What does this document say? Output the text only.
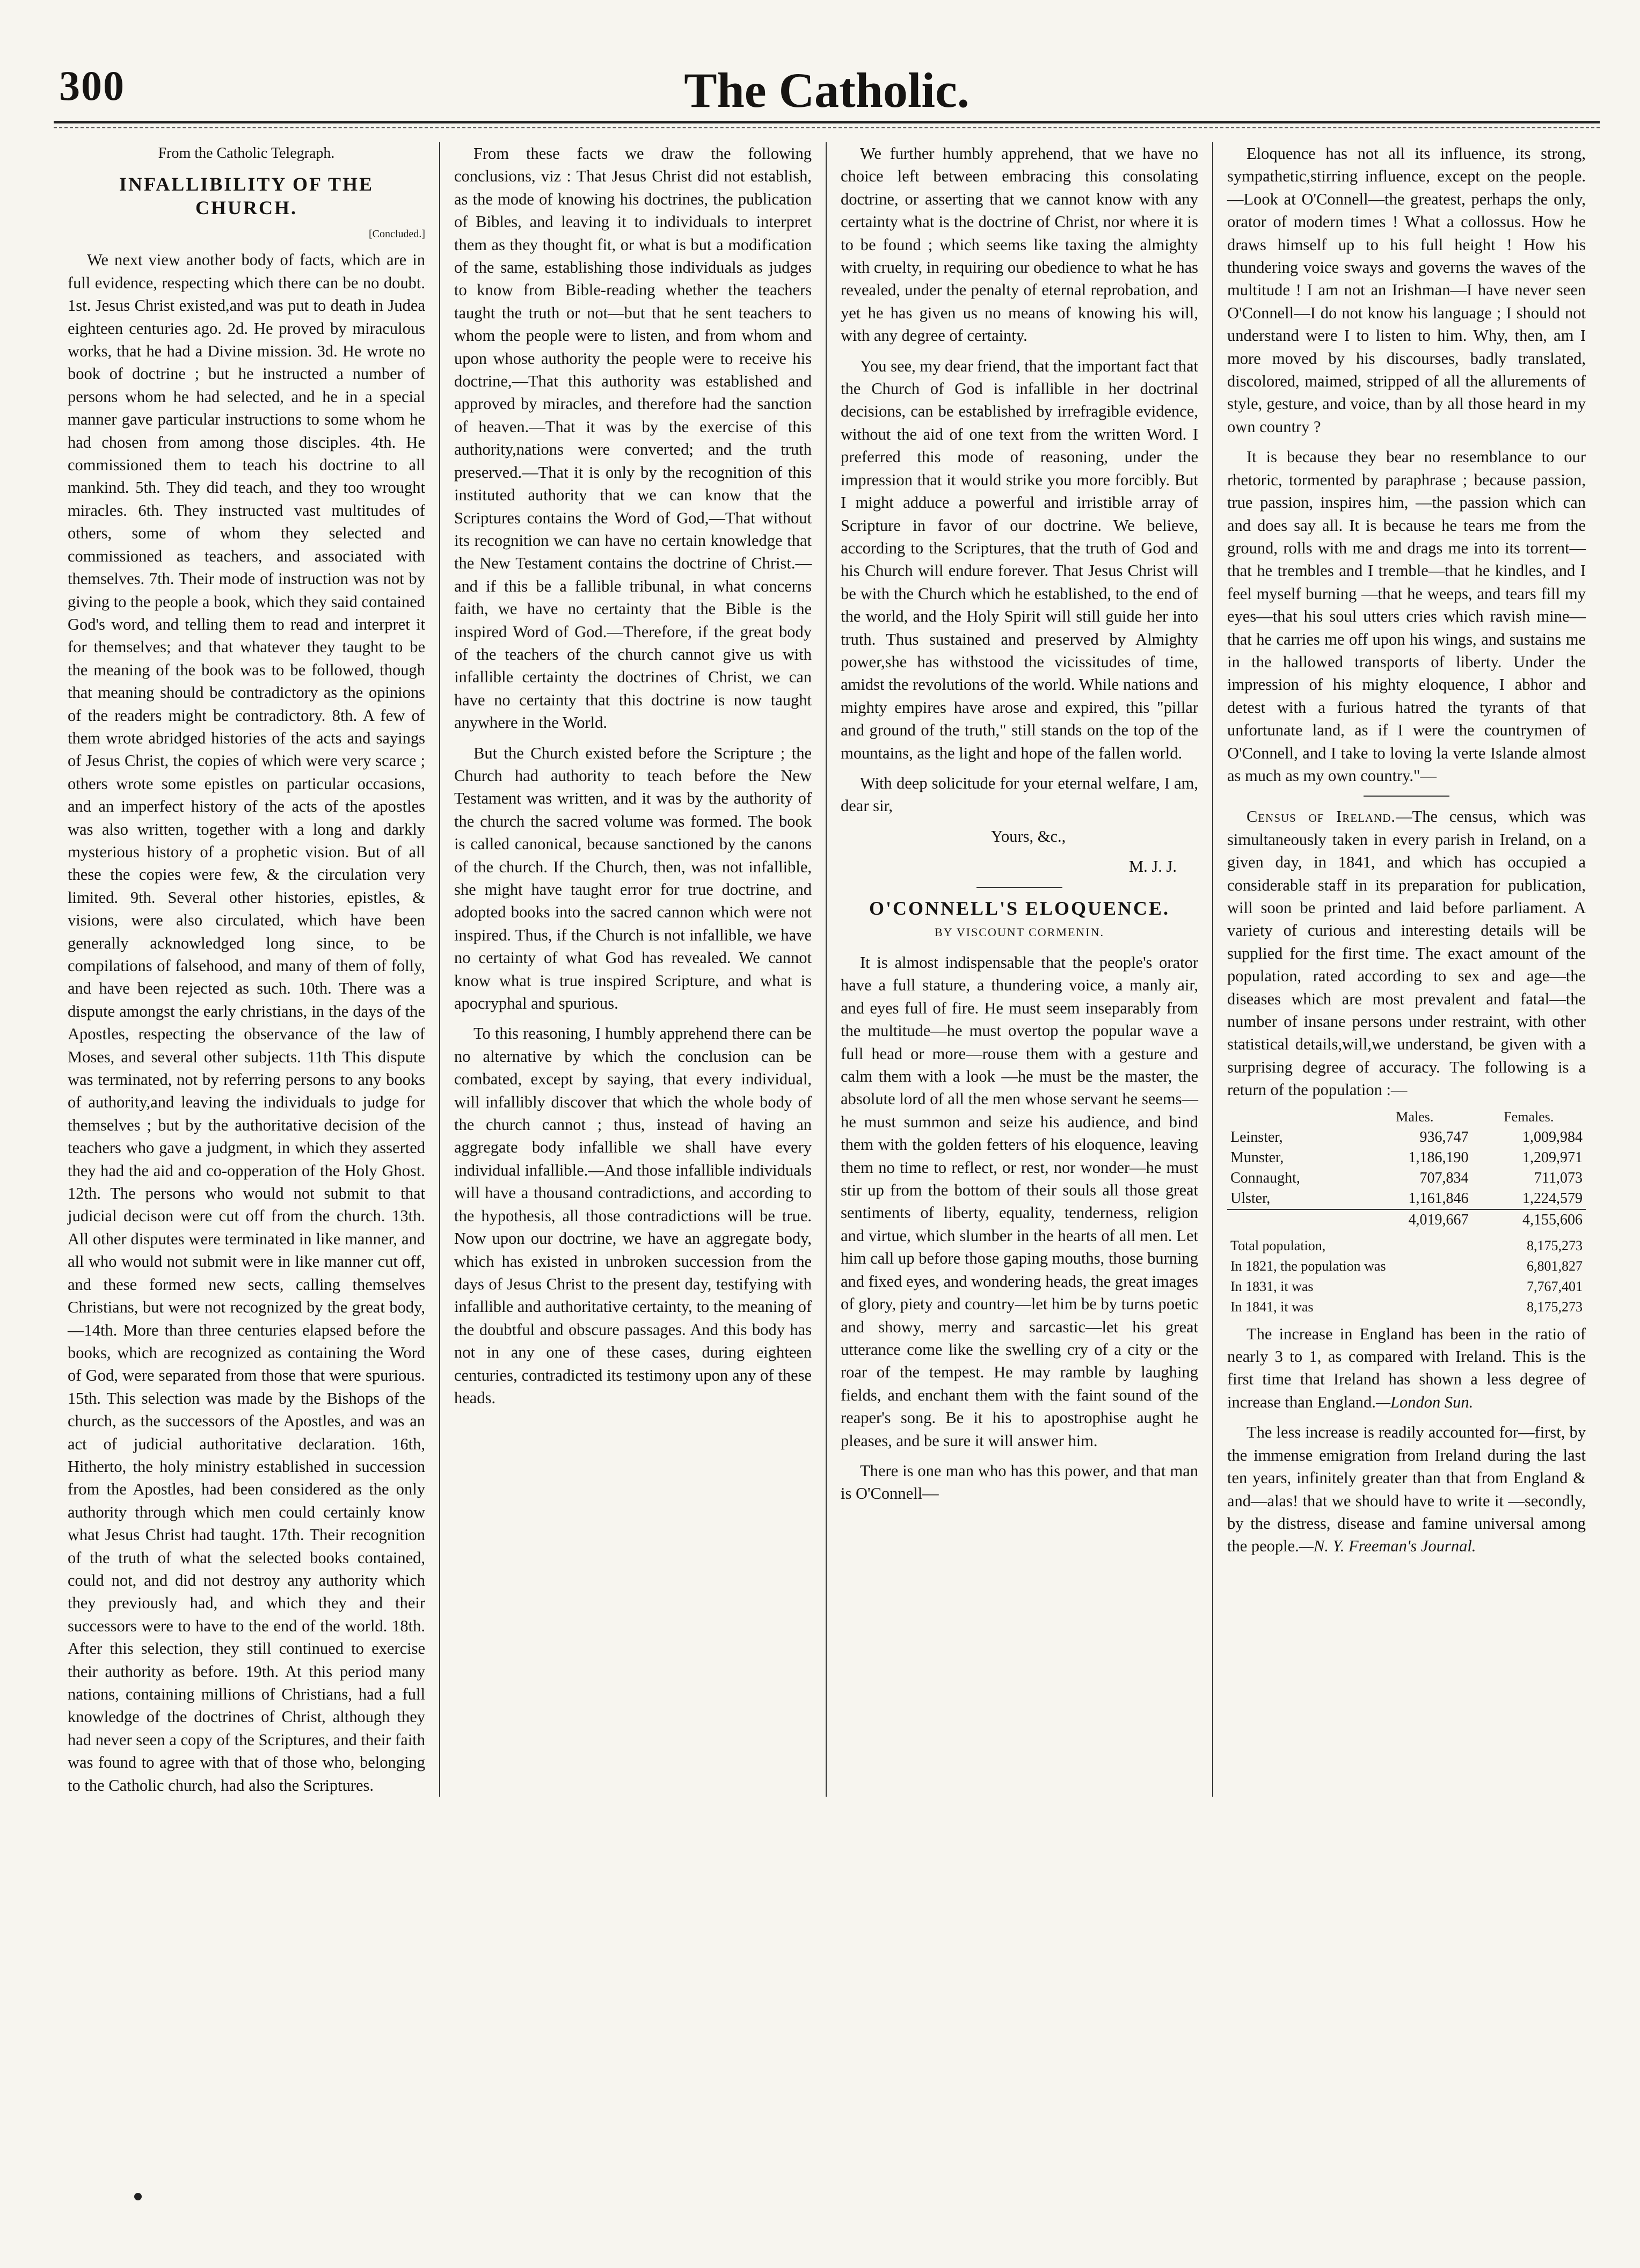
300	The Catholic.

From the Catholic Telegraph.

INFALLIBILITY OF THE CHURCH.

[Concluded.]

We next view another body of facts, which are in full evidence, respecting which there can be no doubt. 1st. Jesus Christ existed,and was put to death in Judea eighteen centuries ago. 2d. He proved by miraculous works, that he had a Divine mission. 3d. He wrote no book of doctrine ; but he instructed a number of persons whom he had selected, and he in a special manner gave particular instructions to some whom he had chosen from among those disciples. 4th. He commissioned them to teach his doctrine to all mankind. 5th. They did teach, and they too wrought miracles. 6th. They instructed vast multitudes of others, some of whom they selected and commissioned as teachers, and associated with themselves. 7th. Their mode of instruction was not by giving to the people a book, which they said contained God's word, and telling them to read and interpret it for themselves; and that whatever they taught to be the meaning of the book was to be followed, though that meaning should be contradictory as the opinions of the readers might be contradictory. 8th. A few of them wrote abridged histories of the acts and sayings of Jesus Christ, the copies of which were very scarce ; others wrote some epistles on particular occasions, and an imperfect history of the acts of the apostles was also written, together with a long and darkly mysterious history of a prophetic vision. But of all these the copies were few, & the circulation very limited. 9th. Several other histories, epistles, & visions, were also circulated, which have been generally acknowledged long since, to be compilations of falsehood, and many of them of folly, and have been rejected as such. 10th. There was a dispute amongst the early christians, in the days of the Apostles, respecting the observance of the law of Moses, and several other subjects. 11th This dispute was terminated, not by referring persons to any books of authority,and leaving the individuals to judge for themselves ; but by the authoritative decision of the teachers who gave a judgment, in which they asserted they had the aid and co-opperation of the Holy Ghost. 12th. The persons who would not submit to that judicial decison were cut off from the church. 13th. All other disputes were terminated in like manner, and all who would not submit were in like manner cut off, and these formed new sects, calling themselves Christians, but were not recognized by the great body,—14th. More than three centuries elapsed before the books, which are recognized as containing the Word of God, were separated from those that were spurious. 15th. This selection was made by the Bishops of the church, as the successors of the Apostles, and was an act of judicial authoritative declaration. 16th, Hitherto, the holy ministry established in succession from the Apostles, had been considered as the only authority through which men could certainly know what Jesus Christ had taught. 17th. Their recognition of the truth of what the selected books contained, could not, and did not destroy any authority which they previously had, and which they and their successors were to have to the end of the world. 18th. After this selection, they still continued to exercise their authority as before. 19th. At this period many nations, containing millions of Christians, had a full knowledge of the doctrines of Christ, although they had never seen a copy of the Scriptures, and their faith was found to agree with that of those who, belonging to the Catholic church, had also the Scriptures.

From these facts we draw the following conclusions, viz : That Jesus Christ did not establish, as the mode of knowing his doctrines, the publication of Bibles, and leaving it to individuals to interpret them as they thought fit, or what is but a modification of the same, establishing those individuals as judges to know from Bible-reading whether the teachers taught the truth or not—but that he sent teachers to whom the people were to listen, and from whom and upon whose authority the people were to receive his doctrine,—That this authority was established and approved by miracles, and therefore had the sanction of heaven.—That it was by the exercise of this authority,nations were converted; and the truth preserved.—That it is only by the recognition of this instituted authority that we can know that the Scriptures contains the Word of God,—That without its recognition we can have no certain knowledge that the New Testament contains the doctrine of Christ.—and if this be a fallible tribunal, in what concerns faith, we have no certainty that the Bible is the inspired Word of God.—Therefore, if the great body of the teachers of the church cannot give us with infallible certainty the doctrines of Christ, we can have no certainty that this doctrine is now taught anywhere in the World.

But the Church existed before the Scripture ; the Church had authority to teach before the New Testament was written, and it was by the authority of the church the sacred volume was formed. The book is called canonical, because sanctioned by the canons of the church. If the Church, then, was not infallible, she might have taught error for true doctrine, and adopted books into the sacred cannon which were not inspired. Thus, if the Church is not infallible, we have no certainty of what God has revealed. We cannot know what is true inspired Scripture, and what is apocryphal and spurious.

To this reasoning, I humbly apprehend there can be no alternative by which the conclusion can be combated, except by saying, that every individual, will infallibly discover that which the whole body of the church cannot ; thus, instead of having an aggregate body infallible we shall have every individual infallible.—And those infallible individuals will have a thousand contradictions, and according to the hypothesis, all those contradictions will be true. Now upon our doctrine, we have an aggregate body, which has existed in unbroken succession from the days of Jesus Christ to the present day, testifying with infallible and authoritative certainty, to the meaning of the doubtful and obscure passages. And this body has not in any one of these cases, during eighteen centuries, contradicted its testimony upon any of these heads.

We further humbly apprehend, that we have no choice left between embracing this consolating doctrine, or asserting that we cannot know with any certainty what is the doctrine of Christ, nor where it is to be found ; which seems like taxing the almighty with cruelty, in requiring our obedience to what he has revealed, under the penalty of eternal reprobation, and yet he has given us no means of knowing his will, with any degree of certainty.

You see, my dear friend, that the important fact that the Church of God is infallible in her doctrinal decisions, can be established by irrefragible evidence, without the aid of one text from the written Word. I preferred this mode of reasoning, under the impression that it would strike you more forcibly. But I might adduce a powerful and irristible array of Scripture in favor of our doctrine. We believe, according to the Scriptures, that the truth of God and his Church will endure forever. That Jesus Christ will be with the Church which he established, to the end of the world, and the Holy Spirit will still guide her into truth. Thus sustained and preserved by Almighty power,she has withstood the vicissitudes of time, amidst the revolutions of the world. While nations and mighty empires have arose and expired, this "pillar and ground of the truth," still stands on the top of the mountains, as the light and hope of the fallen world.

With deep solicitude for your eternal welfare, I am, dear sir,

Yours, &c.,

M. J. J.

O'CONNELL'S ELOQUENCE.

BY VISCOUNT CORMENIN.

It is almost indispensable that the people's orator have a full stature, a thundering voice, a manly air, and eyes full of fire. He must seem inseparably from the multitude—he must overtop the popular wave a full head or more—rouse them with a gesture and calm them with a look —he must be the master, the absolute lord of all the men whose servant he seems—he must summon and seize his audience, and bind them with the golden fetters of his eloquence, leaving them no time to reflect, or rest, nor wonder—he must stir up from the bottom of their souls all those great sentiments of liberty, equality, tenderness, religion and virtue, which slumber in the hearts of all men. Let him call up before those gaping mouths, those burning and fixed eyes, and wondering heads, the great images of glory, piety and country—let him be by turns poetic and showy, merry and sarcastic—let his great utterance come like the swelling cry of a city or the roar of the tempest. He may ramble by laughing fields, and enchant them with the faint sound of the reaper's song. Be it his to apostrophise aught he pleases, and be sure it will answer him.

There is one man who has this power, and that man is O'Connell—

Eloquence has not all its influence, its strong, sympathetic,stirring influence, except on the people.—Look at O'Connell—the greatest, perhaps the only, orator of modern times ! What a collossus. How he draws himself up to his full height ! How his thundering voice sways and governs the waves of the multitude ! I am not an Irishman—I have never seen O'Connell—I do not know his language ; I should not understand were I to listen to him. Why, then, am I more moved by his discourses, badly translated, discolored, maimed, stripped of all the allurements of style, gesture, and voice, than by all those heard in my own country ?

It is because they bear no resemblance to our rhetoric, tormented by paraphrase ; because passion, true passion, inspires him, —the passion which can and does say all. It is because he tears me from the ground, rolls with me and drags me into its torrent—that he trembles and I tremble—that he kindles, and I feel myself burning —that he weeps, and tears fill my eyes—that his soul utters cries which ravish mine—that he carries me off upon his wings, and sustains me in the hallowed transports of liberty. Under the impression of his mighty eloquence, I abhor and detest with a furious hatred the tyrants of that unfortunate land, as if I were the countrymen of O'Connell, and I take to loving la verte Islande almost as much as my own country."—

Census of Ireland.—The census, which was simultaneously taken in every parish in Ireland, on a given day, in 1841, and which has occupied a considerable staff in its preparation for publication, will soon be printed and laid before parliament. A variety of curious and interesting details will be supplied for the first time. The exact amount of the population, rated according to sex and age—the diseases which are most prevalent and fatal—the number of insane persons under restraint, with other statistical details,will,we understand, be given with a surprising degree of accuracy. The following is a return of the population :—

	Males.	Females.
Leinster,	936,747	1,009,984
Munster,	1,186,190	1,209,971
Connaught,	707,834	711,073
Ulster,	1,161,846	1,224,579
	4,019,667	4,155,606
Total population,	8,175,273
In 1821, the population was	6,801,827
In 1831, it was	7,767,401
In 1841, it was	8,175,273

The increase in England has been in the ratio of nearly 3 to 1, as compared with Ireland. This is the first time that Ireland has shown a less degree of increase than England.—London Sun.

The less increase is readily accounted for—first, by the immense emigration from Ireland during the last ten years, infinitely greater than that from England & and—alas! that we should have to write it —secondly, by the distress, disease and famine universal among the people.—N. Y. Freeman's Journal.
